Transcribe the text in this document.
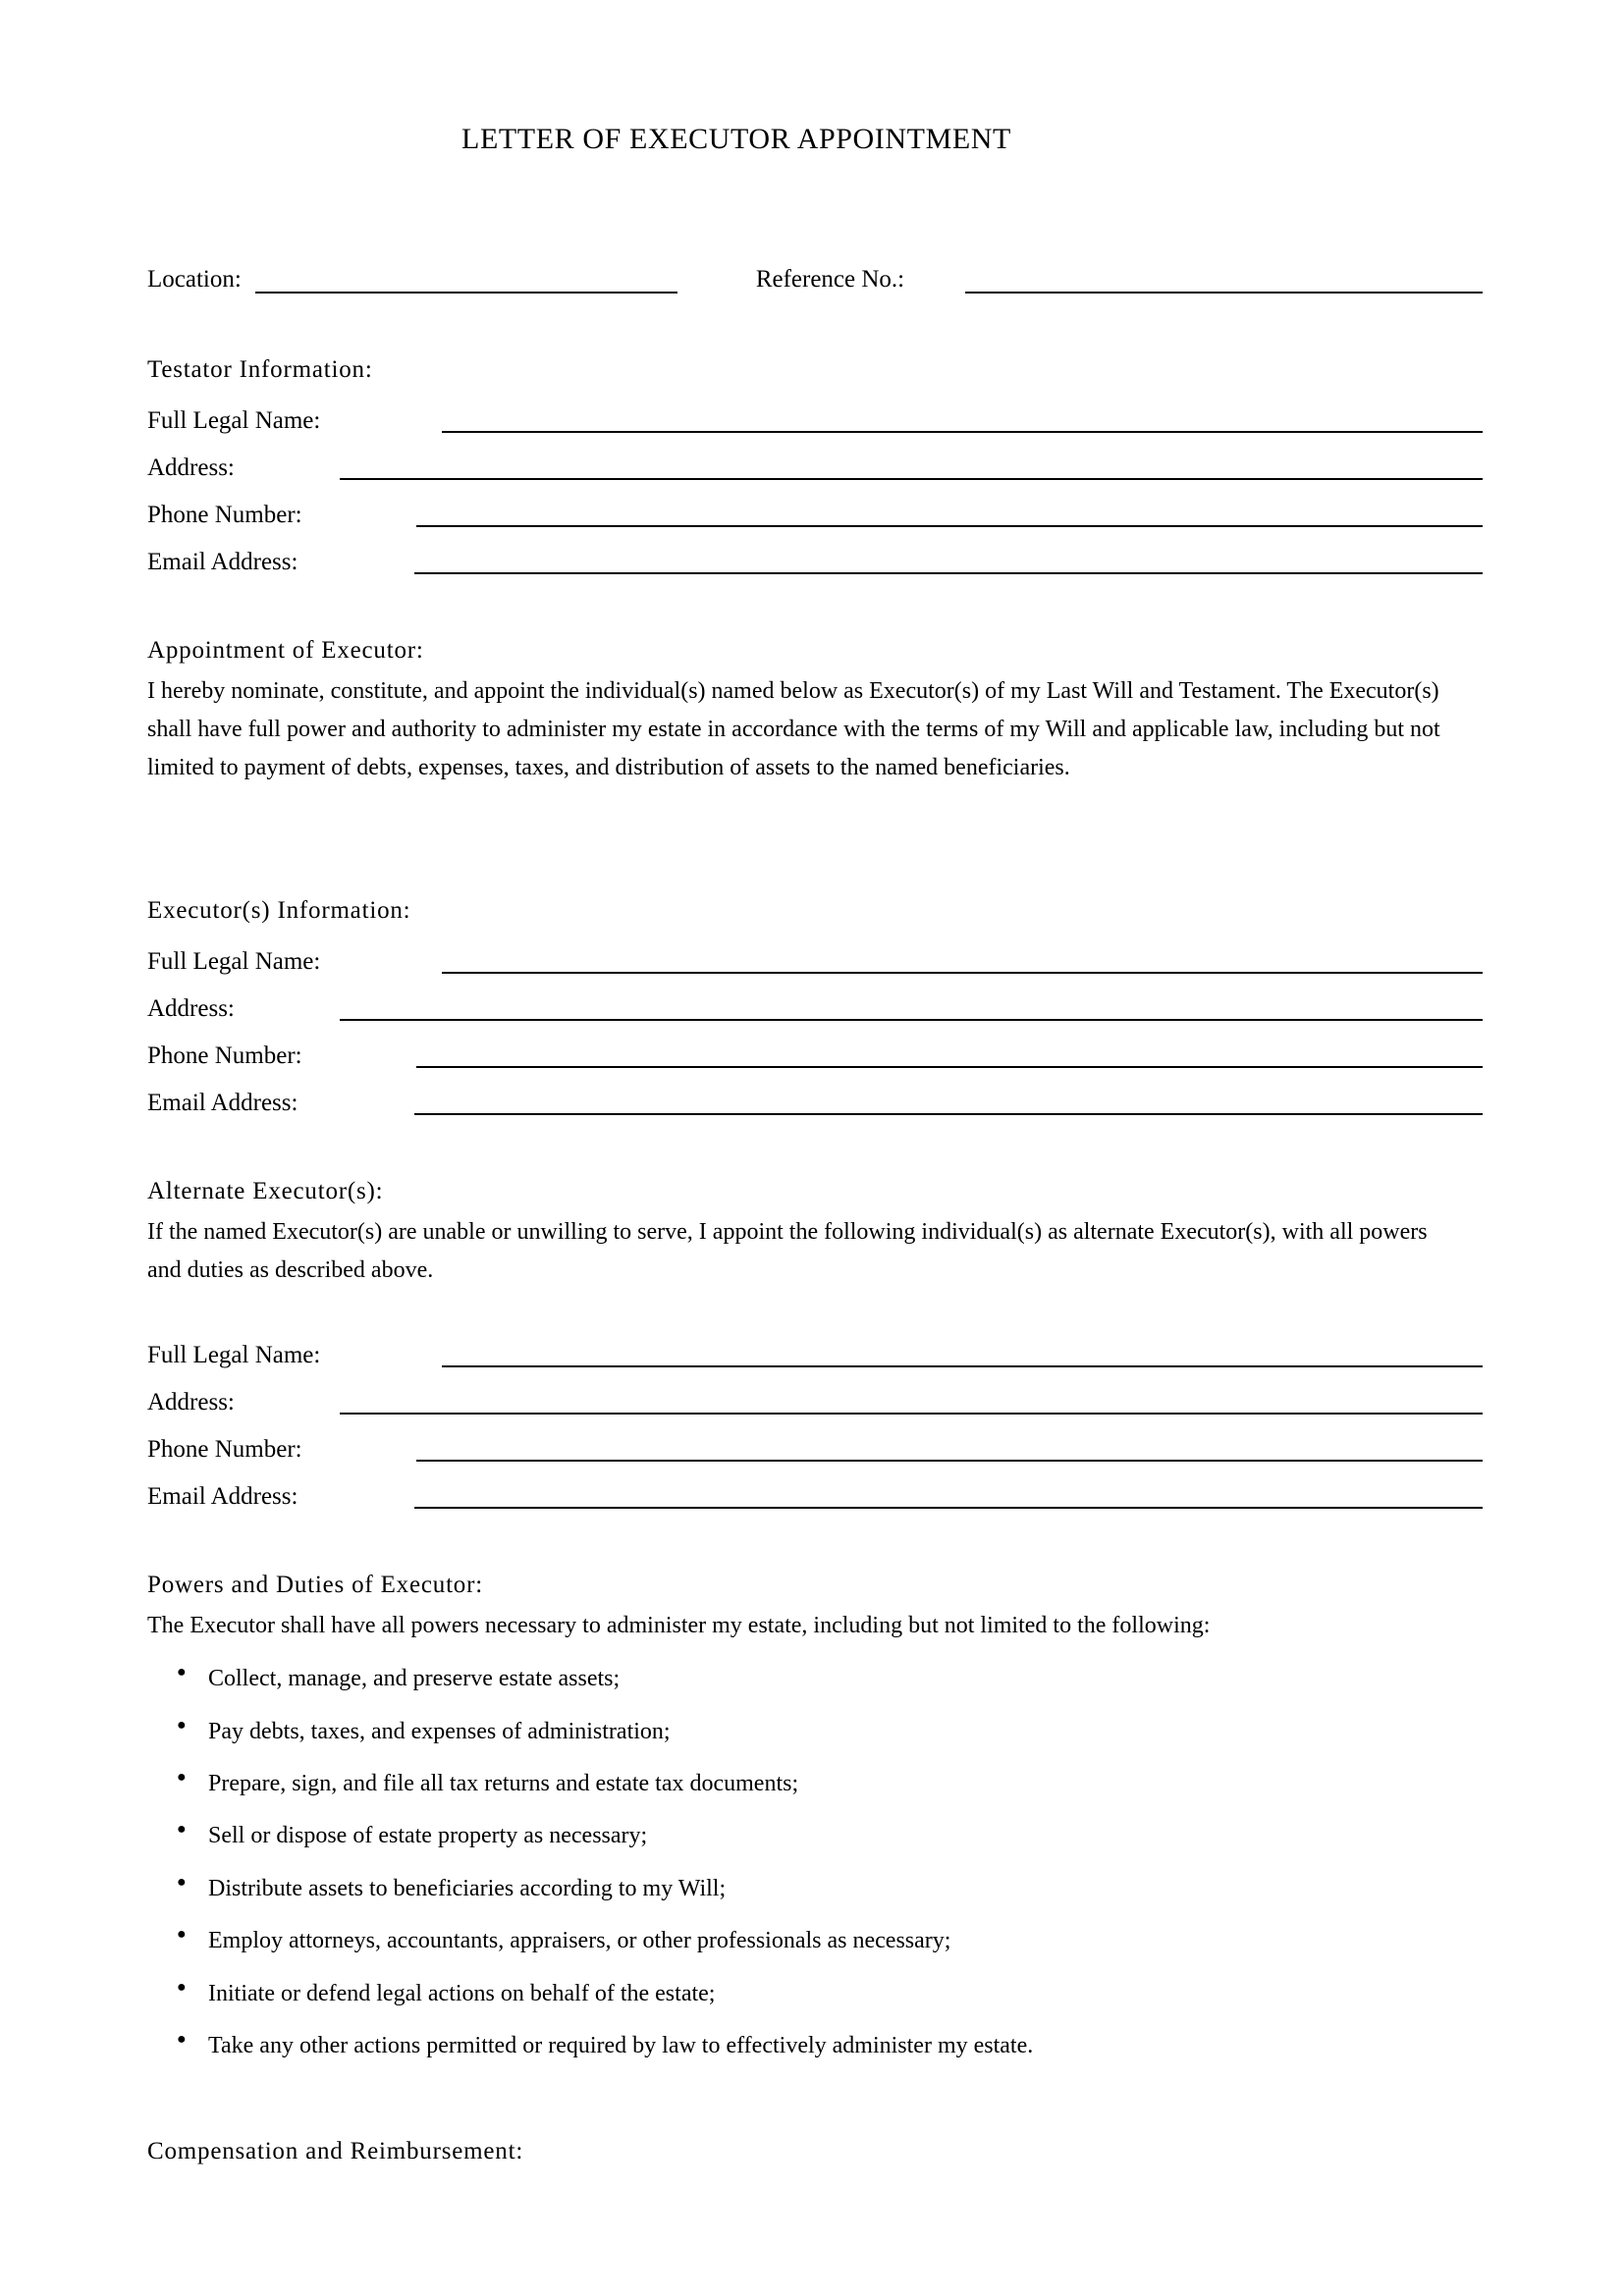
LETTER OF EXECUTOR APPOINTMENT
Location:	Reference No.:
Testator Information:
Full Legal Name:
Address:
Phone Number:
Email Address:
Appointment of Executor:

I hereby nominate, constitute, and appoint the individual(s) named below as Executor(s) of my Last Will and Testament. The Executor(s) shall have full power and authority to administer my estate in accordance with the terms of my Will and applicable law, including but not limited to payment of debts, expenses, taxes, and distribution of assets to the named beneficiaries.

Executor(s) Information:
Full Legal Name:
Address:
Phone Number:
Email Address:
Alternate Executor(s):

If the named Executor(s) are unable or unwilling to serve, I appoint the following individual(s) as alternate Executor(s), with all powers and duties as described above.

Full Legal Name:
Address:
Phone Number:
Email Address:
Powers and Duties of Executor:

The Executor shall have all powers necessary to administer my estate, including but not limited to the following:

● Collect, manage, and preserve estate assets;
● Pay debts, taxes, and expenses of administration;
● Prepare, sign, and file all tax returns and estate tax documents;
● Sell or dispose of estate property as necessary;
● Distribute assets to beneficiaries according to my Will;
● Employ attorneys, accountants, appraisers, or other professionals as necessary;
● Initiate or defend legal actions on behalf of the estate;
● Take any other actions permitted or required by law to effectively administer my estate.
Compensation and Reimbursement:
